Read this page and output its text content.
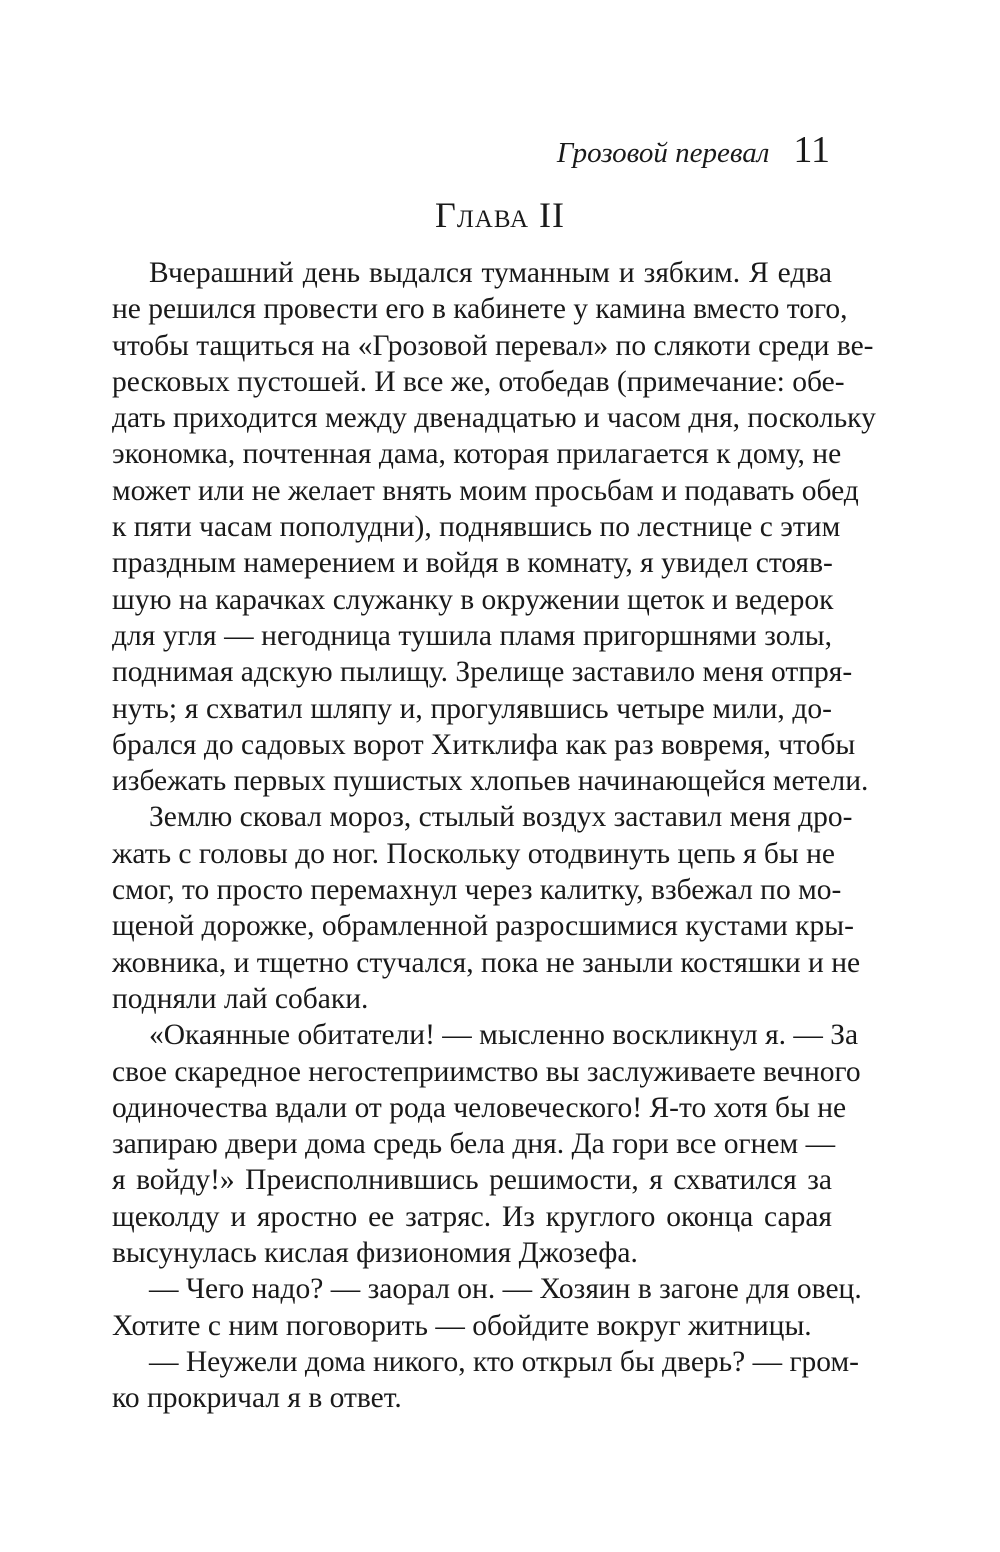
Грозовой перевал 11
Глава II
Вчерашний день выдался туманным и зябким. Я едва
не решился провести его в кабинете у камина вместо того,
чтобы тащиться на «Грозовой перевал» по слякоти среди ве-
ресковых пустошей. И все же, отобедав (примечание: обе-
дать приходится между двенадцатью и часом дня, поскольку
экономка, почтенная дама, которая прилагается к дому, не
может или не желает внять моим просьбам и подавать обед
к пяти часам пополудни), поднявшись по лестнице с этим
праздным намерением и войдя в комнату, я увидел стояв-
шую на карачках служанку в окружении щеток и ведерок
для угля — негодница тушила пламя пригоршнями золы,
поднимая адскую пылищу. Зрелище заставило меня отпря-
нуть; я схватил шляпу и, прогулявшись четыре мили, до-
брался до садовых ворот Хитклифа как раз вовремя, чтобы
избежать первых пушистых хлопьев начинающейся метели.
Землю сковал мороз, стылый воздух заставил меня дро-
жать с головы до ног. Поскольку отодвинуть цепь я бы не
смог, то просто перемахнул через калитку, взбежал по мо-
щеной дорожке, обрамленной разросшимися кустами кры-
жовника, и тщетно стучался, пока не заныли костяшки и не
подняли лай собаки.
«Окаянные обитатели! — мысленно воскликнул я. — За
свое скаредное негостеприимство вы заслуживаете вечного
одиночества вдали от рода человеческого! Я-то хотя бы не
запираю двери дома средь бела дня. Да гори все огнем —
я войду!» Преисполнившись решимости, я схватился за
щеколду и яростно ее затряс. Из круглого оконца сарая
высунулась кислая физиономия Джозефа.
— Чего надо? — заорал он. — Хозяин в загоне для овец.
Хотите с ним поговорить — обойдите вокруг житницы.
— Неужели дома никого, кто открыл бы дверь? — гром-
ко прокричал я в ответ.
